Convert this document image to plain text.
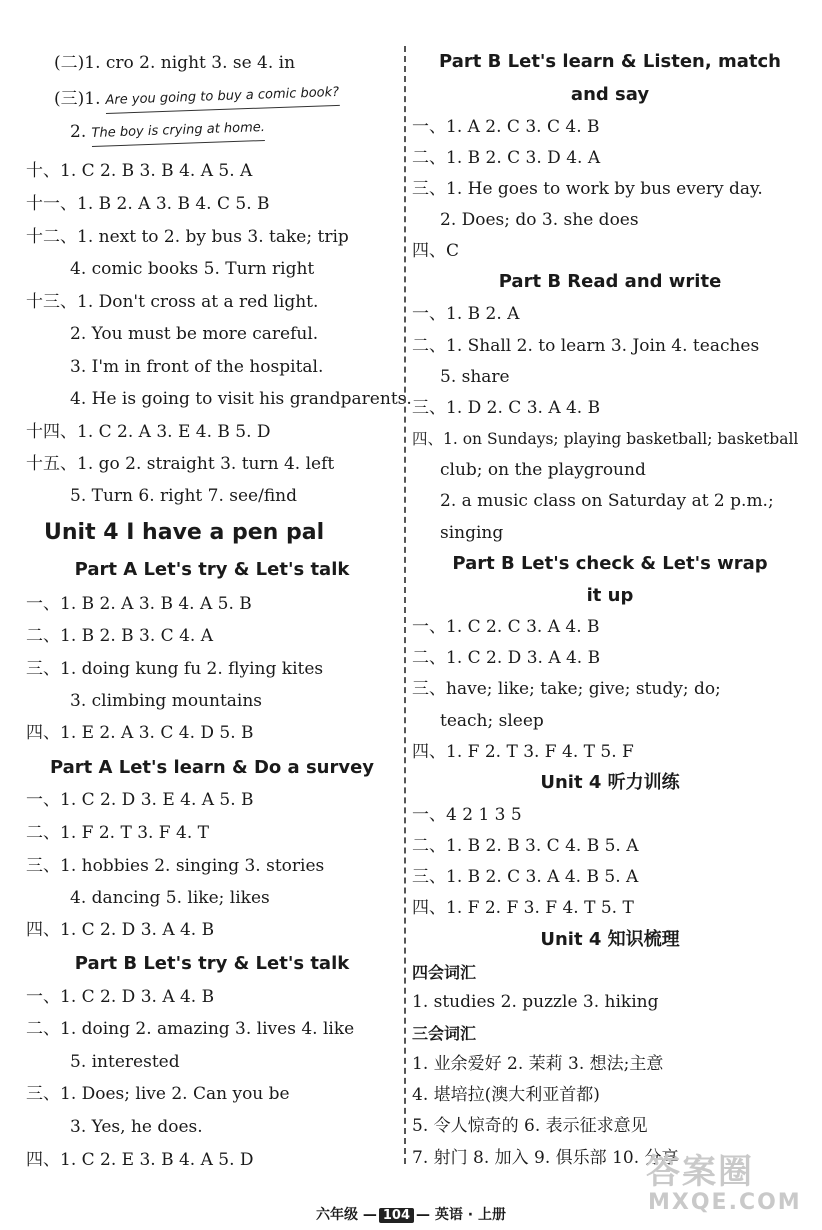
(二)1. cro 2. night 3. se 4. in
(三)1. Are you going to buy a comic book?
2. The boy is crying at home.
十、1. C 2. B 3. B 4. A 5. A
十一、1. B 2. A 3. B 4. C 5. B
十二、1. next to 2. by bus 3. take; trip
4. comic books 5. Turn right
十三、1. Don't cross at a red light.
2. You must be more careful.
3. I'm in front of the hospital.
4. He is going to visit his grandparents.
十四、1. C 2. A 3. E 4. B 5. D
十五、1. go 2. straight 3. turn 4. left
5. Turn 6. right 7. see/find
Unit 4 I have a pen pal
Part A Let's try & Let's talk
一、1. B 2. A 3. B 4. A 5. B
二、1. B 2. B 3. C 4. A
三、1. doing kung fu 2. flying kites
3. climbing mountains
四、1. E 2. A 3. C 4. D 5. B
Part A Let's learn & Do a survey
一、1. C 2. D 3. E 4. A 5. B
二、1. F 2. T 3. F 4. T
三、1. hobbies 2. singing 3. stories
4. dancing 5. like; likes
四、1. C 2. D 3. A 4. B
Part B Let's try & Let's talk
一、1. C 2. D 3. A 4. B
二、1. doing 2. amazing 3. lives 4. like
5. interested
三、1. Does; live 2. Can you be
3. Yes, he does.
四、1. C 2. E 3. B 4. A 5. D
Part B Let's learn & Listen, match
and say
一、1. A 2. C 3. C 4. B
二、1. B 2. C 3. D 4. A
三、1. He goes to work by bus every day.
2. Does; do 3. she does
四、C
Part B Read and write
一、1. B 2. A
二、1. Shall 2. to learn 3. Join 4. teaches
5. share
三、1. D 2. C 3. A 4. B
四、1. on Sundays; playing basketball; basketball
club; on the playground
2. a music class on Saturday at 2 p.m.;
singing
Part B Let's check & Let's wrap
it up
一、1. C 2. C 3. A 4. B
二、1. C 2. D 3. A 4. B
三、have; like; take; give; study; do;
teach; sleep
四、1. F 2. T 3. F 4. T 5. F
Unit 4 听力训练
一、4 2 1 3 5
二、1. B 2. B 3. C 4. B 5. A
三、1. B 2. C 3. A 4. B 5. A
四、1. F 2. F 3. F 4. T 5. T
Unit 4 知识梳理
四会词汇
1. studies 2. puzzle 3. hiking
三会词汇
1. 业余爱好 2. 茉莉 3. 想法;主意
4. 堪培拉(澳大利亚首都)
5. 令人惊奇的 6. 表示征求意见
7. 射门 8. 加入 9. 俱乐部 10. 分享
六年级 — 104 — 英语 · 上册
答案圈
MXQE.COM
